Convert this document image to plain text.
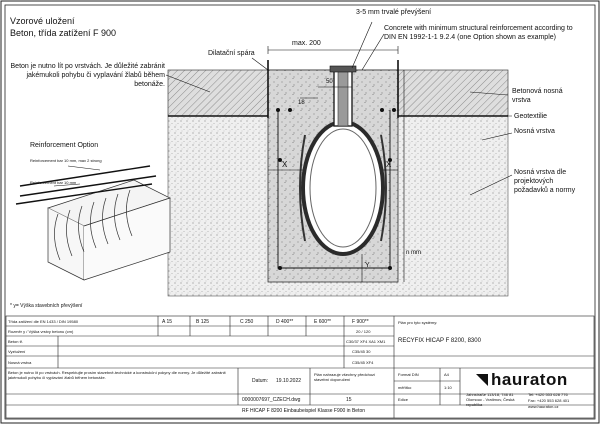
Vzorové uložení
Beton, třída zatížení F 900
3-5 mm trvalé převýšení
Concrete with minimum structural reinforcement according to DIN EN 1992-1-1 9.2.4 (one Option shown as example)
Dilatační spára
max. 200
50
18
X	X
Y
n mm
Beton je nutno lít po vrstvách. Je důležité zabránit jakémukoli pohybu či vyplavání žlabů během betonáže.
Reinforcement Option
Reinforcement bar 10 mm, max 2 strong
Reinforcement bar 10 mm
* y= Výška stavebních převýšení
Betonová nosná vrstva
Geotextilie
Nosná vrstva
Nosná vrstva dle projektových požadavků a normy
Třída zatížení dle EN 1433 / DIN 19580	A 15	B 125	C 250	D 400**	E 600**	F 900**
Rozměr y / Výška vrstvy betonu (cm)	20 / 120
Beton tř.	C30/37 XF4 XA1 XM1
Vyztužení	C35/45 30
Nosná vrstva	C35/45 XF4
Plán pro tyto systémy:
RECYFIX HICAP F 8200, 8300
Beton je nutno lít po vrstvách. Respektujte prosím stavebně-technické a konstrukční pokyny dle normy. Je důležité zabránit jakémukoli pohybu či vyplavání žlabů během betonáže.
Datum: 19.10.2022
Plán nahrazuje všechny předchozí stavební doporučení
Format DIN	A4
měřítko	1:10
Edice
0000007697_CZECH.dwg	15
RF HICAP F 8200 Einbaubeispiel Klasse F900 in Beton
hauraton
Jahnstraße 113/18, 746 81 Olomouc - Vratimov, Česká republika
Tel: +420 553 628 776
Fax: +420 553 628 401
www.hauraton.cz
